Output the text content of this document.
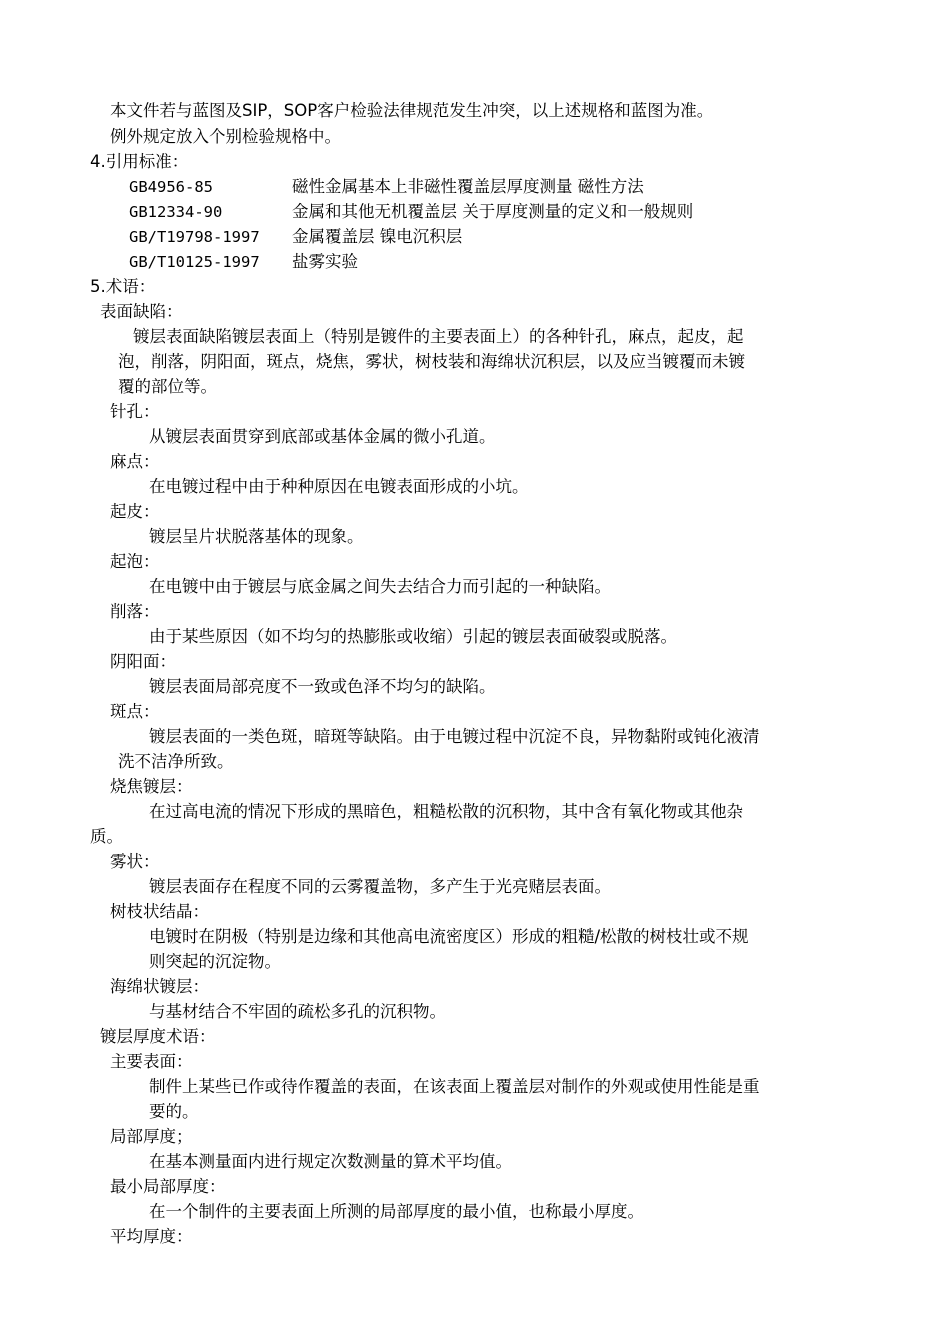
本文件若与蓝图及SIP，SOP客户检验法律规范发生冲突，以上述规格和蓝图为准。
例外规定放入个别检验规格中。
4.引用标准：
GB4956-85	磁性金属基本上非磁性覆盖层厚度测量 磁性方法
GB12334-90	金属和其他无机覆盖层 关于厚度测量的定义和一般规则
GB/T19798-1997 金属覆盖层 镍电沉积层
GB/T10125-1997 盐雾实验
5.术语：
表面缺陷：
镀层表面缺陷镀层表面上（特别是镀件的主要表面上）的各种针孔，麻点，起皮，起
泡，削落，阴阳面，斑点，烧焦，雾状，树枝装和海绵状沉积层，以及应当镀覆而未镀
覆的部位等。
针孔：
从镀层表面贯穿到底部或基体金属的微小孔道。
麻点：
在电镀过程中由于种种原因在电镀表面形成的小坑。
起皮：
镀层呈片状脱落基体的现象。
起泡：
在电镀中由于镀层与底金属之间失去结合力而引起的一种缺陷。
削落：
由于某些原因（如不均匀的热膨胀或收缩）引起的镀层表面破裂或脱落。
阴阳面：
镀层表面局部亮度不一致或色泽不均匀的缺陷。
斑点：
镀层表面的一类色斑，暗斑等缺陷。由于电镀过程中沉淀不良，异物黏附或钝化液清
洗不洁净所致。
烧焦镀层：
在过高电流的情况下形成的黑暗色，粗糙松散的沉积物，其中含有氧化物或其他杂
质。
雾状：
镀层表面存在程度不同的云雾覆盖物，多产生于光亮赌层表面。
树枝状结晶：
电镀时在阴极（特别是边缘和其他高电流密度区）形成的粗糙/松散的树枝壮或不规
则突起的沉淀物。
海绵状镀层：
与基材结合不牢固的疏松多孔的沉积物。
镀层厚度术语：
主要表面：
制件上某些已作或待作覆盖的表面，在该表面上覆盖层对制作的外观或使用性能是重
要的。
局部厚度；
在基本测量面内进行规定次数测量的算术平均值。
最小局部厚度：
在一个制件的主要表面上所测的局部厚度的最小值，也称最小厚度。
平均厚度：
